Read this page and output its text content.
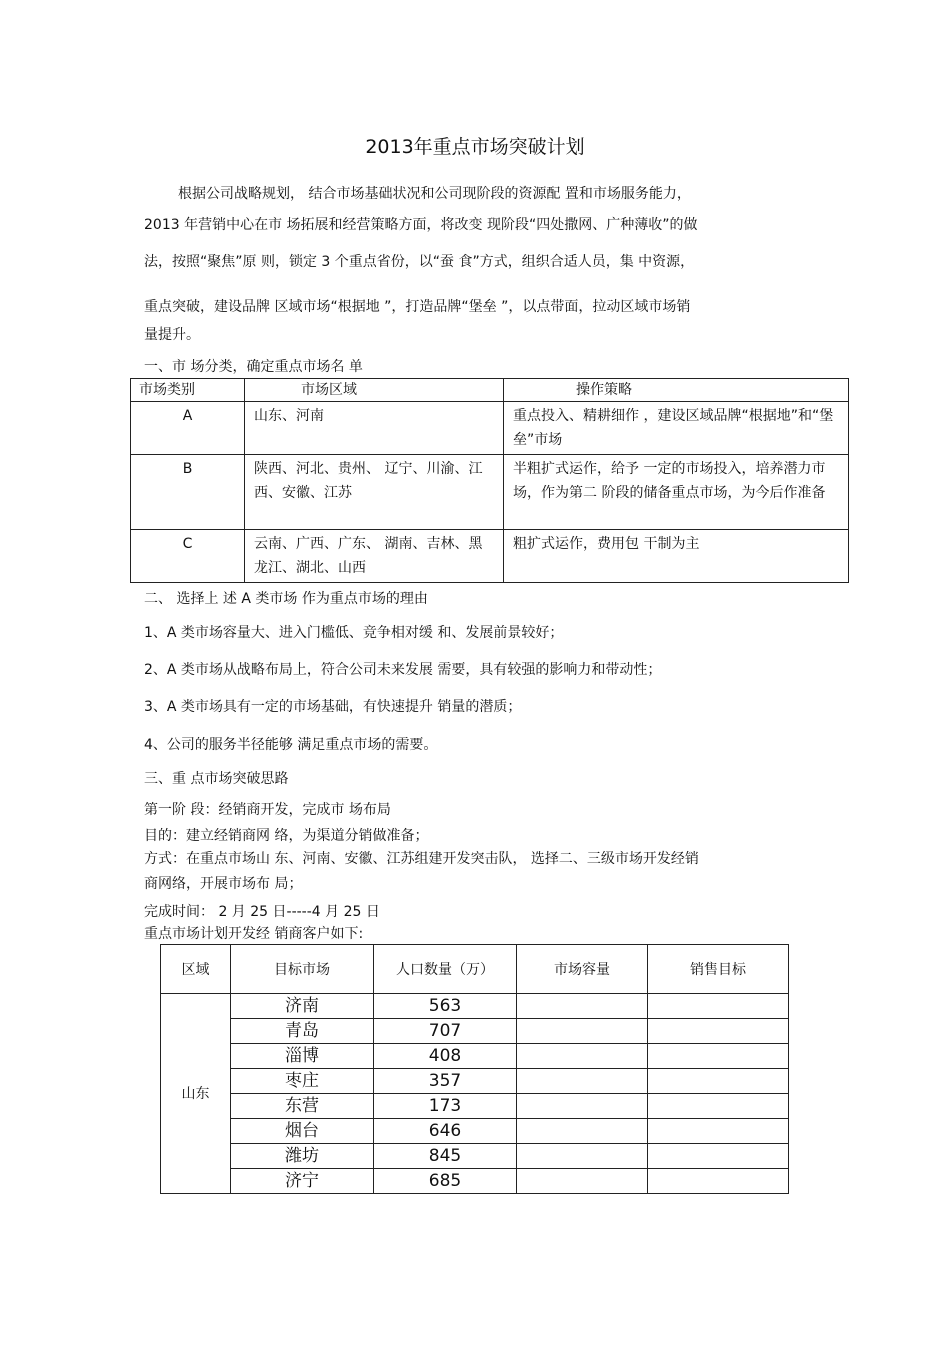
2013年重点市场突破计划
根据公司战略规划， 结合市场基础状况和公司现阶段的资源配 置和市场服务能力，
2013 年营销中心在市 场拓展和经营策略方面，将改变 现阶段“四处撒网、广种薄收”的做
法，按照“聚焦”原 则，锁定 3 个重点省份，以“蚕 食”方式，组织合适人员，集 中资源，
重点突破，建设品牌 区域市场“根据地 ”，打造品牌“堡垒 ”，以点带面，拉动区域市场销
量提升。
一、市 场分类，确定重点市场名 单
市场类别	市场区域	操作策略
A	山东、河南	重点投入、精耕细作 ，建设区域品牌“根据地”和“堡垒”市场
B	陕西、河北、贵州、 辽宁、川渝、江西、安徽、江苏	半粗扩式运作，给予 一定的市场投入，培养潜力市场，作为第二 阶段的储备重点市场，为今后作准备
C	云南、广西、广东、 湖南、吉林、黑龙江、湖北、山西	粗扩式运作，费用包 干制为主
二、 选择上 述 A 类市场 作为重点市场的理由
1、A 类市场容量大、进入门槛低、竞争相对缓 和、发展前景较好；
2、A 类市场从战略布局上，符合公司未来发展 需要，具有较强的影响力和带动性；
3、A 类市场具有一定的市场基础，有快速提升 销量的潜质；
4、公司的服务半径能够 满足重点市场的需要。
三、重 点市场突破思路
第一阶 段：经销商开发，完成市 场布局
目的：建立经销商网 络，为渠道分销做准备；
方式：在重点市场山 东、河南、安徽、江苏组建开发突击队， 选择二、三级市场开发经销
商网络，开展市场布 局；
完成时间： 2 月 25 日-----4 月 25 日
重点市场计划开发经 销商客户如下:
区域	目标市场	人口数量（万）	市场容量	销售目标
山东	济南	563		
	青岛	707		
	淄博	408		
	枣庄	357		
	东营	173		
	烟台	646		
	潍坊	845		
	济宁	685		
